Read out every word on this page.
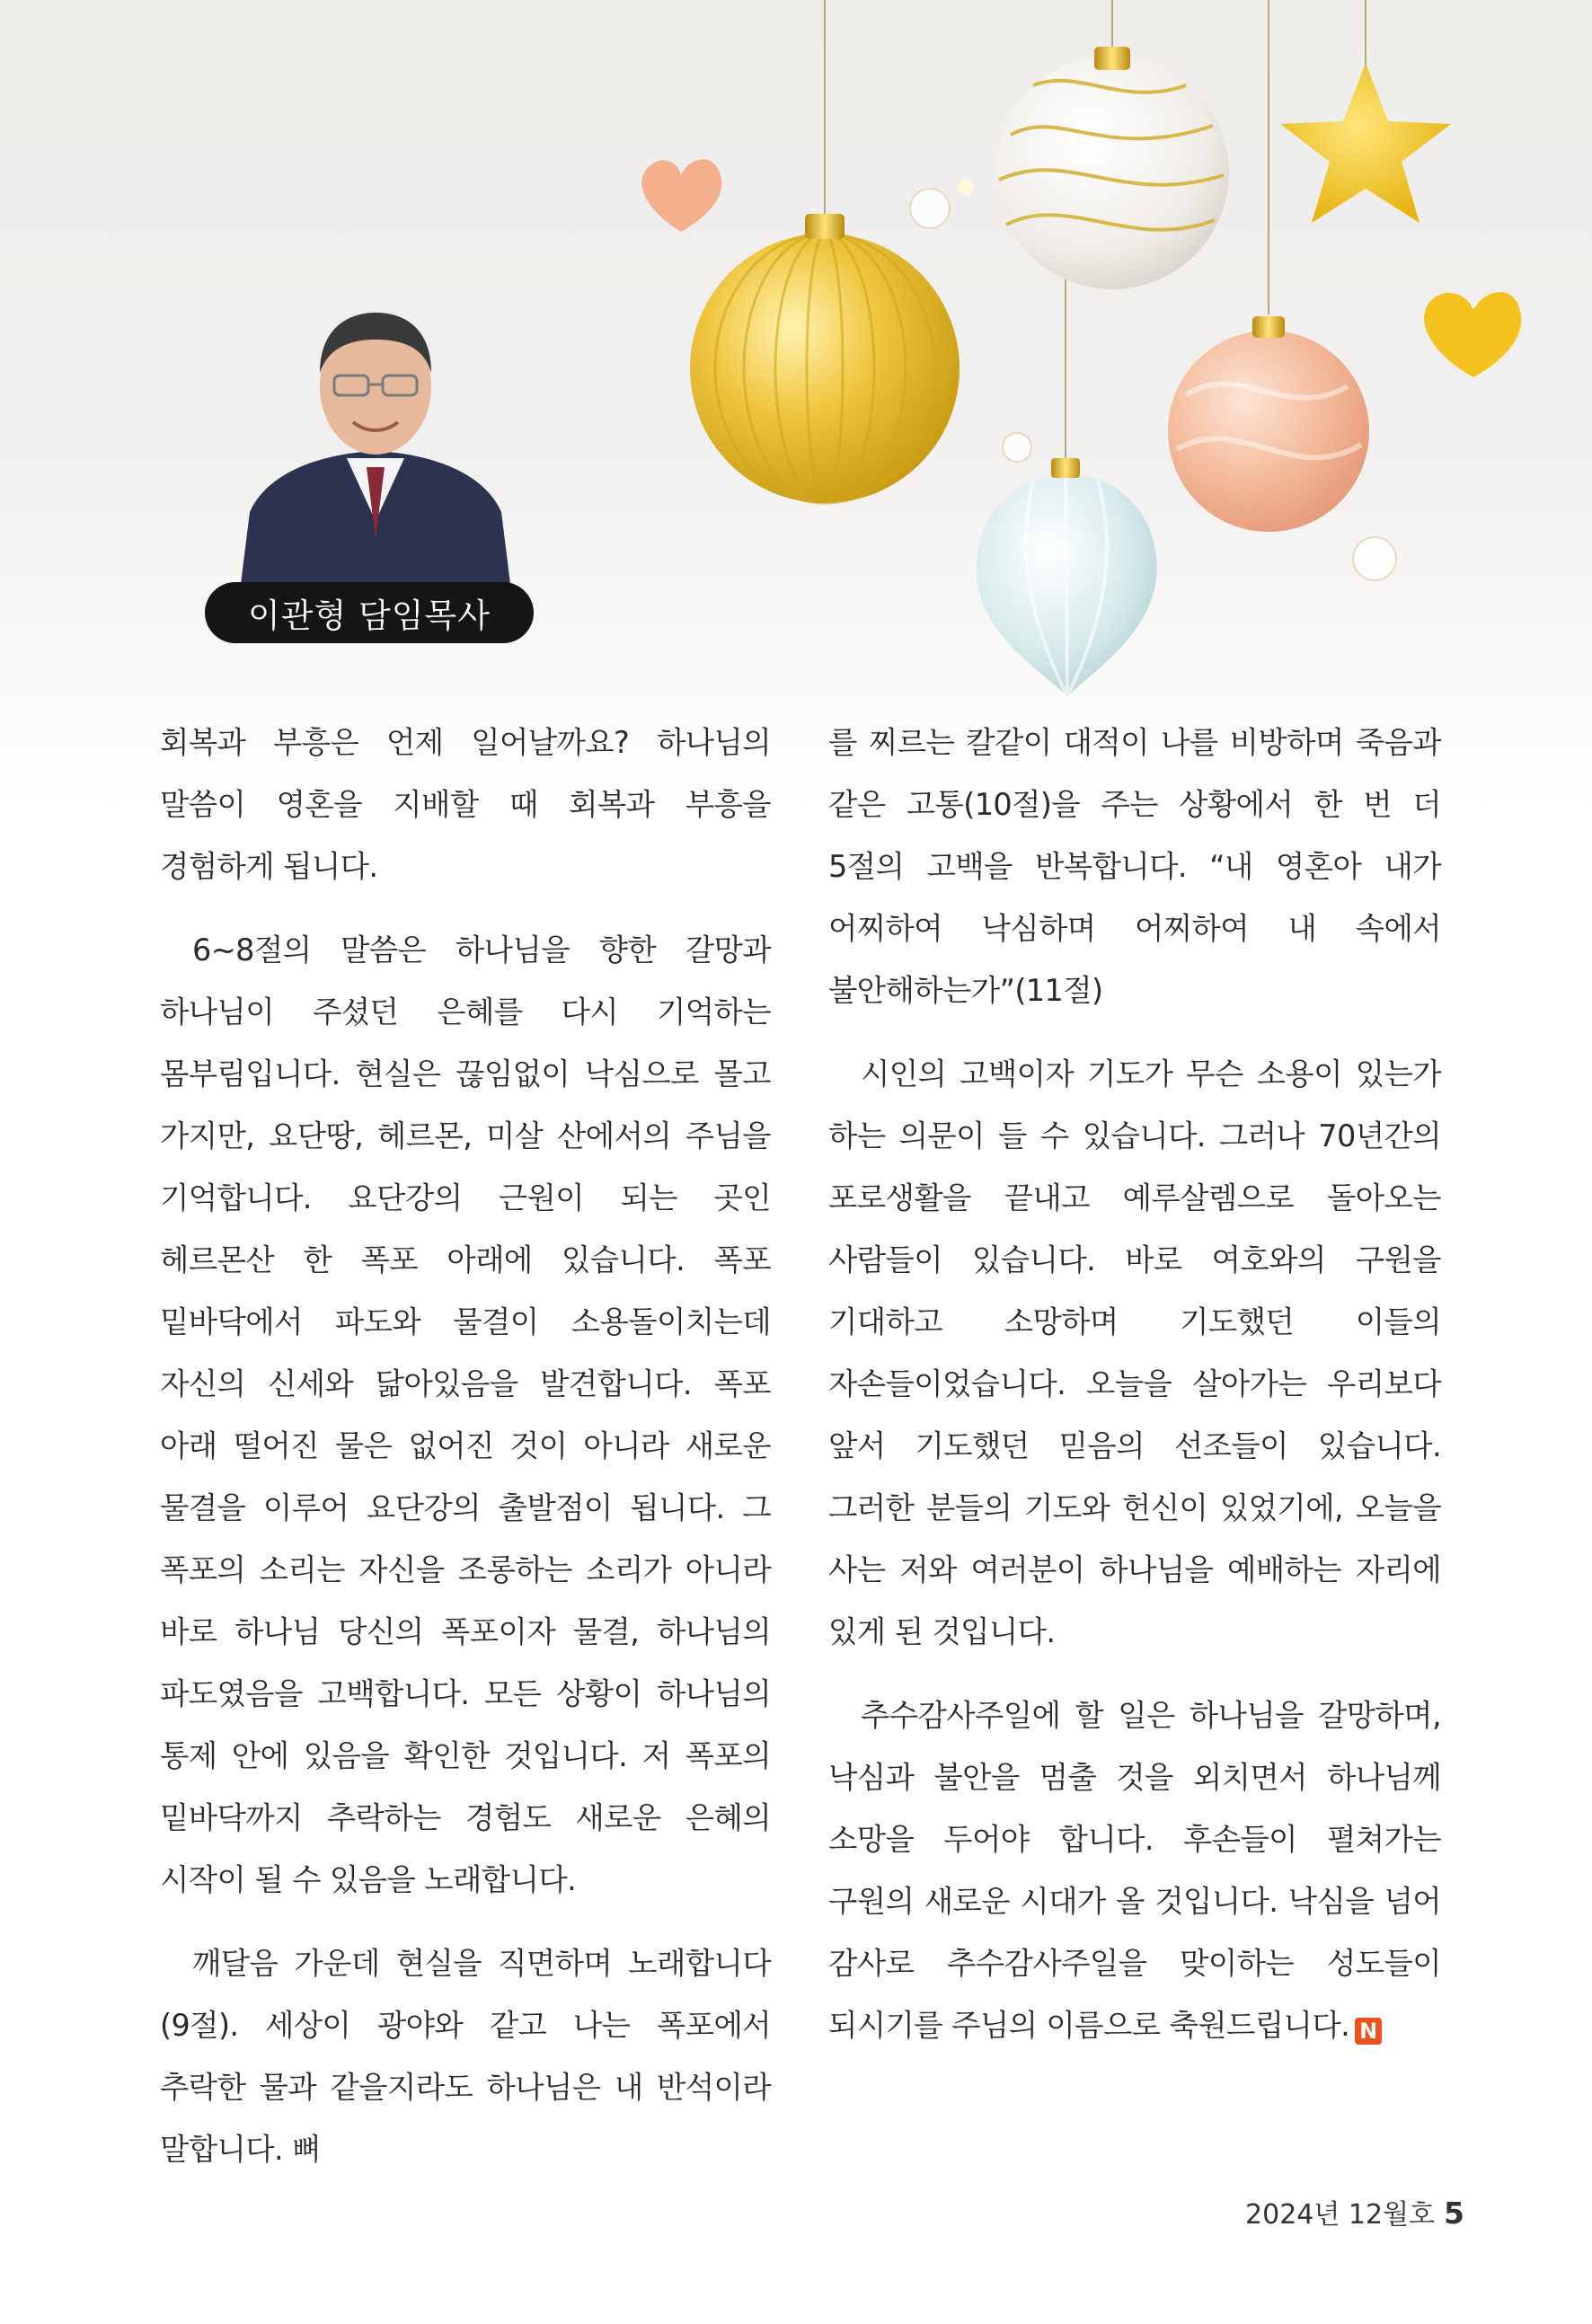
이관형 담임목사

회복과 부흥은 언제 일어날까요? 하나님의 말씀이 영혼을 지배할 때 회복과 부흥을 경험하게 됩니다.

6~8절의 말씀은 하나님을 향한 갈망과 하나님이 주셨던 은혜를 다시 기억하는 몸부림입니다. 현실은 끊임없이 낙심으로 몰고 가지만, 요단땅, 헤르몬, 미살 산에서의 주님을 기억합니다. 요단강의 근원이 되는 곳인 헤르몬산 한 폭포 아래에 있습니다. 폭포 밑바닥에서 파도와 물결이 소용돌이치는데 자신의 신세와 닮아있음을 발견합니다. 폭포 아래 떨어진 물은 없어진 것이 아니라 새로운 물결을 이루어 요단강의 출발점이 됩니다. 그 폭포의 소리는 자신을 조롱하는 소리가 아니라 바로 하나님 당신의 폭포이자 물결, 하나님의 파도였음을 고백합니다. 모든 상황이 하나님의 통제 안에 있음을 확인한 것입니다. 저 폭포의 밑바닥까지 추락하는 경험도 새로운 은혜의 시작이 될 수 있음을 노래합니다.

깨달음 가운데 현실을 직면하며 노래합니다(9절). 세상이 광야와 같고 나는 폭포에서 추락한 물과 같을지라도 하나님은 내 반석이라 말합니다. 뼈

를 찌르는 칼같이 대적이 나를 비방하며 죽음과 같은 고통(10절)을 주는 상황에서 한 번 더 5절의 고백을 반복합니다. “내 영혼아 내가 어찌하여 낙심하며 어찌하여 내 속에서 불안해하는가”(11절)

시인의 고백이자 기도가 무슨 소용이 있는가 하는 의문이 들 수 있습니다. 그러나 70년간의 포로생활을 끝내고 예루살렘으로 돌아오는 사람들이 있습니다. 바로 여호와의 구원을 기대하고 소망하며 기도했던 이들의 자손들이었습니다. 오늘을 살아가는 우리보다 앞서 기도했던 믿음의 선조들이 있습니다. 그러한 분들의 기도와 헌신이 있었기에, 오늘을 사는 저와 여러분이 하나님을 예배하는 자리에 있게 된 것입니다.

추수감사주일에 할 일은 하나님을 갈망하며, 낙심과 불안을 멈출 것을 외치면서 하나님께 소망을 두어야 합니다. 후손들이 펼쳐가는 구원의 새로운 시대가 올 것입니다. 낙심을 넘어 감사로 추수감사주일을 맞이하는 성도들이 되시기를 주님의 이름으로 축원드립니다. N

2024년 12월호 5
